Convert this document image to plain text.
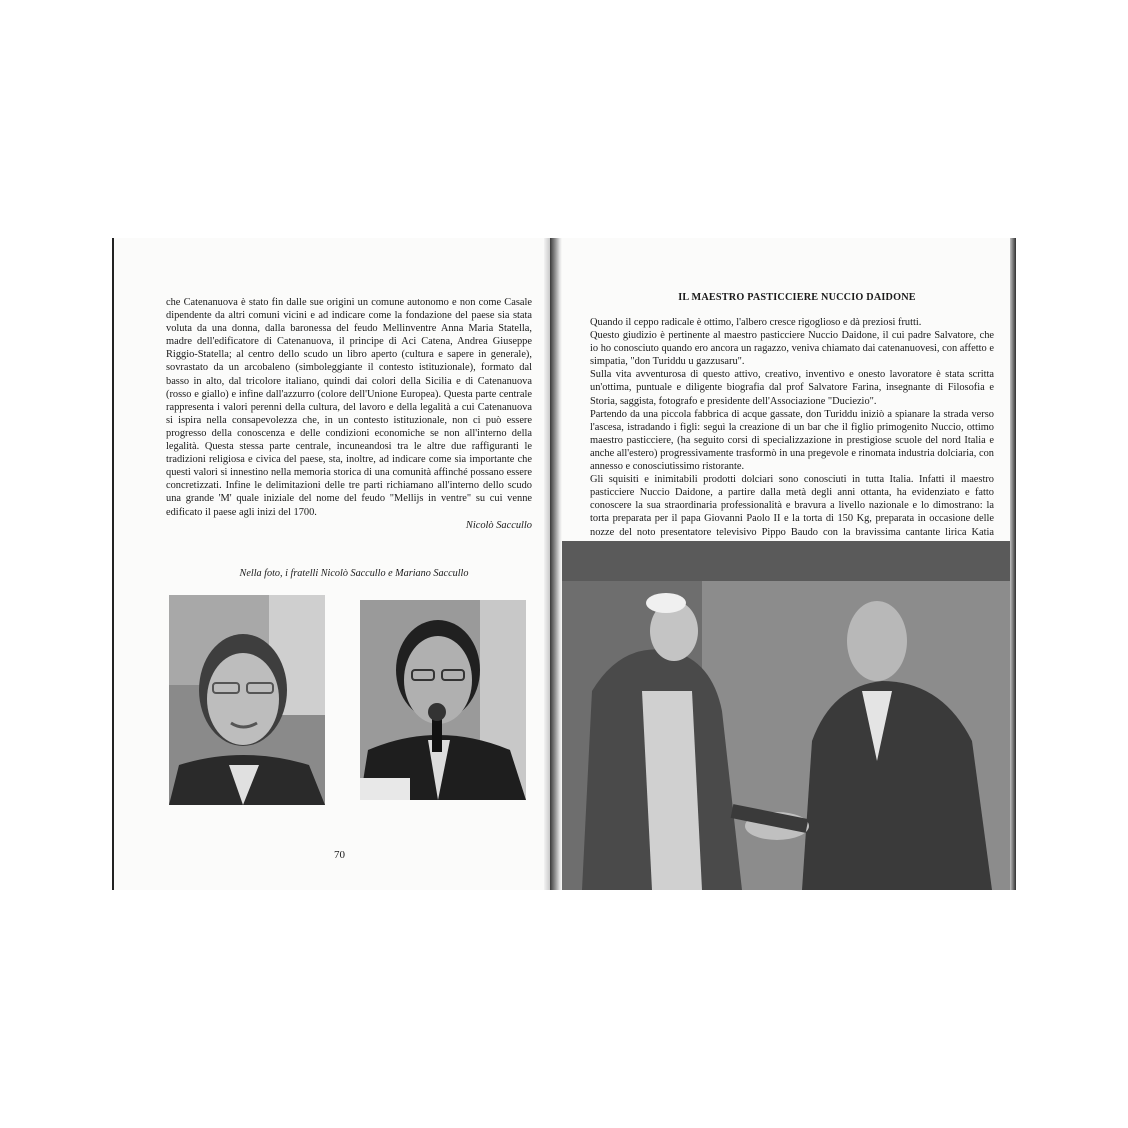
che Catenanuova è stato fin dalle sue origini un comune autonomo e non come Casale dipendente da altri comuni vicini e ad indicare come la fondazione del paese sia stata voluta da una donna, dalla baronessa del feudo Mellinventre Anna Maria Statella, madre dell'edificatore di Catenanuova, il principe di Aci Catena, Andrea Giuseppe Riggio-Statella; al centro dello scudo un libro aperto (cultura e sapere in generale), sovrastato da un arcobaleno (simboleggiante il contesto istituzionale), formato dal basso in alto, dal tricolore italiano, quindi dai colori della Sicilia e di Catenanuova (rosso e giallo) e infine dall'azzurro (colore dell'Unione Europea). Questa parte centrale rappresenta i valori perenni della cultura, del lavoro e della legalità a cui Catenanuova si ispira nella consapevolezza che, in un contesto istituzionale, non ci può essere progresso della conoscenza e delle condizioni economiche se non all'interno della legalità. Questa stessa parte centrale, incuneandosi tra le altre due raffiguranti le tradizioni religiosa e civica del paese, sta, inoltre, ad indicare come sia importante che questi valori si innestino nella memoria storica di una comunità affinché possano essere concretizzati. Infine le delimitazioni delle tre parti richiamano all'interno dello scudo una grande 'M' quale iniziale del nome del feudo "Mellijs in ventre" su cui venne edificato il paese agli inizi del 1700.

Nicolò Saccullo
Nella foto, i fratelli Nicolò Saccullo e Mariano Saccullo
70
IL MAESTRO PASTICCIERE NUCCIO DAIDONE

Quando il ceppo radicale è ottimo, l'albero cresce rigoglioso e dà preziosi frutti.

Questo giudizio è pertinente al maestro pasticciere Nuccio Daidone, il cui padre Salvatore, che io ho conosciuto quando ero ancora un ragazzo, veniva chiamato dai catenanuovesi, con affetto e simpatia, "don Turiddu u gazzusaru".

Sulla vita avventurosa di questo attivo, creativo, inventivo e onesto lavoratore è stata scritta un'ottima, puntuale e diligente biografia dal prof Salvatore Farina, insegnante di Filosofia e Storia, saggista, fotografo e presidente dell'Associazione "Duciezio".

Partendo da una piccola fabbrica di acque gassate, don Turiddu iniziò a spianare la strada verso l'ascesa, istradando i figli: seguì la creazione di un bar che il figlio primogenito Nuccio, ottimo maestro pasticciere, (ha seguito corsi di specializzazione in prestigiose scuole del nord Italia e anche all'estero) progressivamente trasformò in una pregevole e rinomata industria dolciaria, con annesso e conosciutissimo ristorante.

Gli squisiti e inimitabili prodotti dolciari sono conosciuti in tutta Italia. Infatti il maestro pasticciere Nuccio Daidone, a partire dalla metà degli anni ottanta, ha evidenziato e fatto conoscere la sua straordinaria professionalità e bravura a livello nazionale e lo dimostrano: la torta preparata per il papa Giovanni Paolo II e la torta di 150 Kg, preparata in occasione delle nozze del noto presentatore televisivo Pippo Baudo con la bravissima cantante lirica Katia
